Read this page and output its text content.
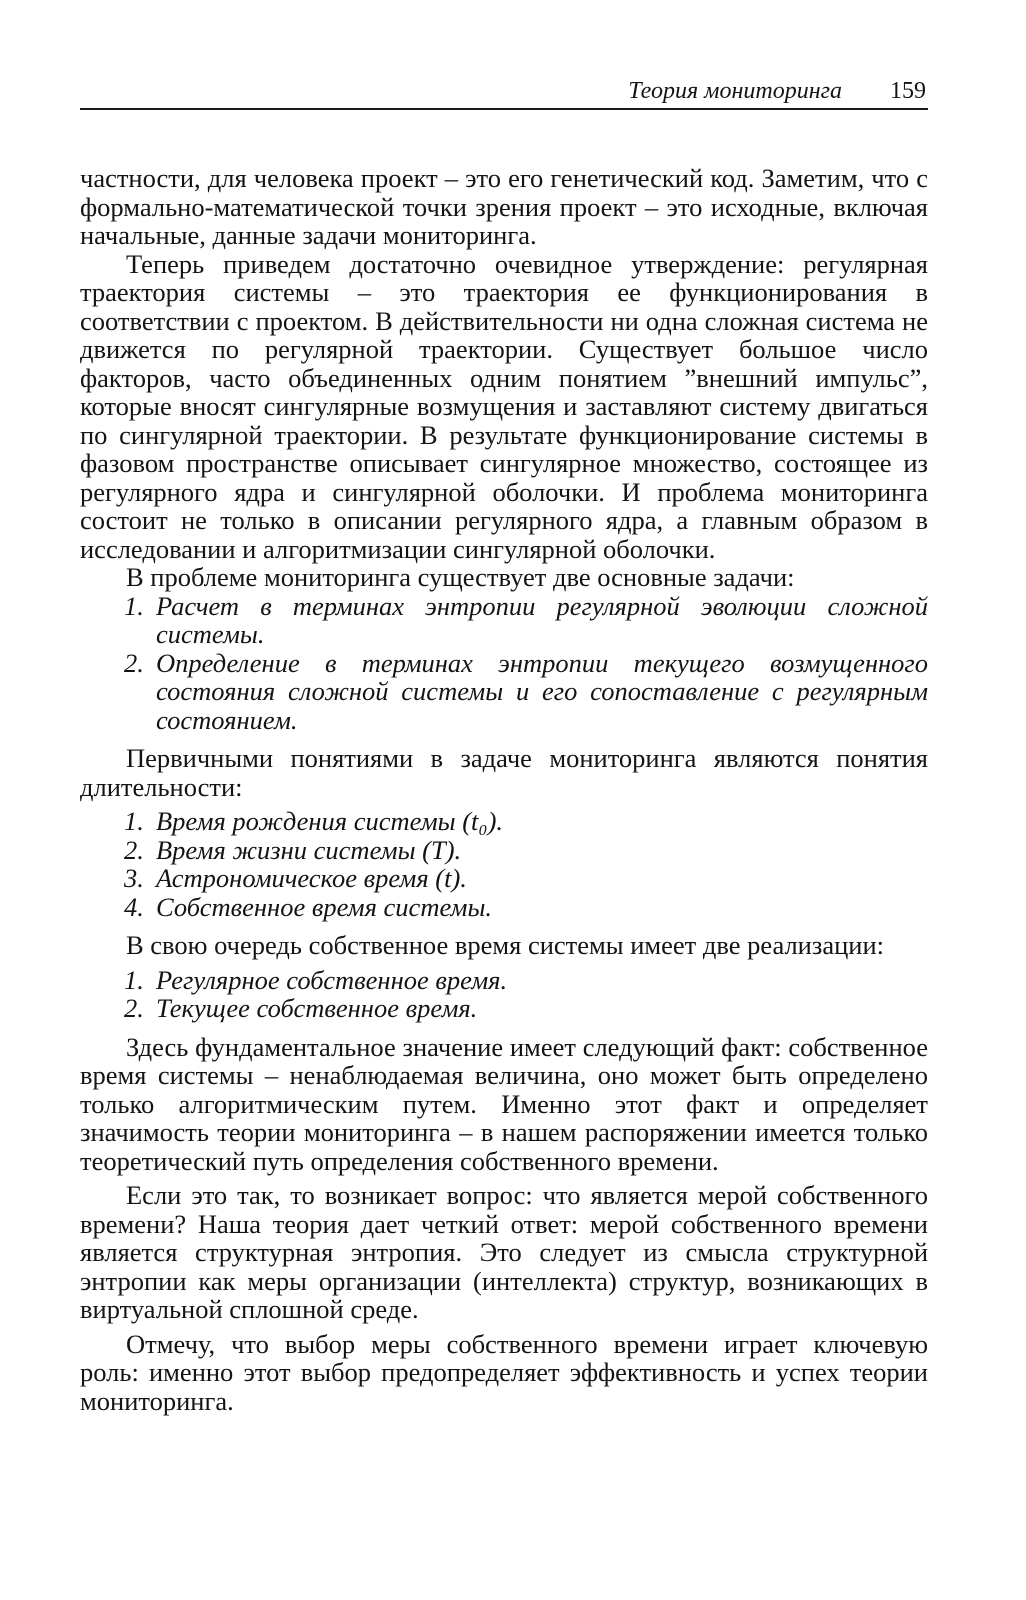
Теория мониторинга 159

частности, для человека проект – это его генетический код. Заметим, что с формально-математической точки зрения проект – это исходные, включая начальные, данные задачи мониторинга.

Теперь приведем достаточно очевидное утверждение: регулярная траектория системы – это траектория ее функционирования в соответствии с проектом. В действительности ни одна сложная система не движется по регулярной траектории. Существует большое число факторов, часто объединенных одним понятием ”внешний импульс”, которые вносят сингулярные возмущения и заставляют систему двигаться по сингулярной траектории. В результате функционирование системы в фазовом пространстве описывает сингулярное множество, состоящее из регулярного ядра и сингулярной оболочки. И проблема мониторинга состоит не только в описании регулярного ядра, а главным образом в исследовании и алгоритмизации сингулярной оболочки.

В проблеме мониторинга существует две основные задачи:

1. Расчет в терминах энтропии регулярной эволюции сложной системы.
2. Определение в терминах энтропии текущего возмущенного состояния сложной системы и его сопоставление с регулярным состоянием.

Первичными понятиями в задаче мониторинга являются понятия длительности:

1. Время рождения системы (t₀).
2. Время жизни системы (T).
3. Астрономическое время (t).
4. Собственное время системы.

В свою очередь собственное время системы имеет две реализации:

1. Регулярное собственное время.
2. Текущее собственное время.

Здесь фундаментальное значение имеет следующий факт: собственное время системы – ненаблюдаемая величина, оно может быть определено только алгоритмическим путем. Именно этот факт и определяет значимость теории мониторинга – в нашем распоряжении имеется только теоретический путь определения собственного времени.

Если это так, то возникает вопрос: что является мерой собственного времени? Наша теория дает четкий ответ: мерой собственного времени является структурная энтропия. Это следует из смысла структурной энтропии как меры организации (интеллекта) структур, возникающих в виртуальной сплошной среде.

Отмечу, что выбор меры собственного времени играет ключевую роль: именно этот выбор предопределяет эффективность и успех теории мониторинга.
